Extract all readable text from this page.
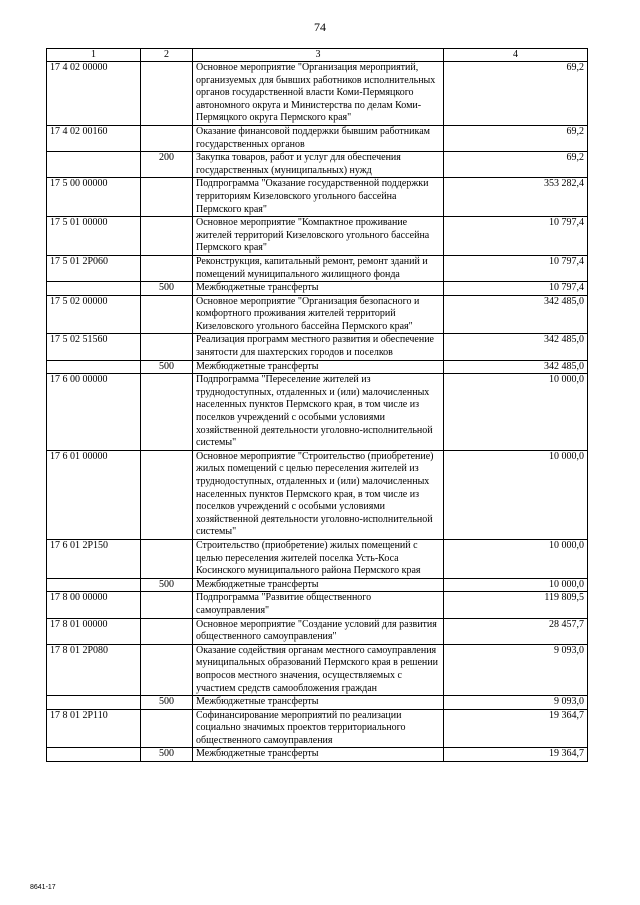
74
1	2	3	4
17 4 02 00000		Основное мероприятие "Организация мероприятий, организуемых для бывших работников исполнительных органов государственной власти Коми-Пермяцкого автономного округа и Министерства по делам Коми-Пермяцкого округа Пермского края"	69,2
17 4 02 00160		Оказание финансовой поддержки бывшим работникам государственных органов	69,2
	200	Закупка товаров, работ и услуг для обеспечения государственных (муниципальных) нужд	69,2
17 5 00 00000		Подпрограмма "Оказание государственной поддержки территориям Кизеловского угольного бассейна Пермского края"	353 282,4
17 5 01 00000		Основное мероприятие "Компактное проживание жителей территорий Кизеловского угольного бассейна Пермского края"	10 797,4
17 5 01 2P060		Реконструкция, капитальный ремонт, ремонт зданий и помещений муниципального жилищного фонда	10 797,4
	500	Межбюджетные трансферты	10 797,4
17 5 02 00000		Основное мероприятие "Организация безопасного и комфортного проживания жителей территорий Кизеловского угольного бассейна Пермского края"	342 485,0
17 5 02 51560		Реализация программ местного развития и обеспечение занятости для шахтерских городов и поселков	342 485,0
	500	Межбюджетные трансферты	342 485,0
17 6 00 00000		Подпрограмма "Переселение жителей из труднодоступных, отдаленных и (или) малочисленных населенных пунктов Пермского края, в том числе из поселков учреждений с особыми условиями хозяйственной деятельности уголовно-исполнительной системы"	10 000,0
17 6 01 00000		Основное мероприятие "Строительство (приобретение) жилых помещений с целью переселения жителей из труднодоступных, отдаленных и (или) малочисленных населенных пунктов Пермского края, в том числе из поселков учреждений с особыми условиями хозяйственной деятельности уголовно-исполнительной системы"	10 000,0
17 6 01 2P150		Строительство (приобретение) жилых помещений с целью переселения жителей поселка Усть-Коса Косинского муниципального района Пермского края	10 000,0
	500	Межбюджетные трансферты	10 000,0
17 8 00 00000		Подпрограмма "Развитие общественного самоуправления"	119 809,5
17 8 01 00000		Основное мероприятие "Создание условий для развития общественного самоуправления"	28 457,7
17 8 01 2P080		Оказание содействия органам местного самоуправления муниципальных образований Пермского края в решении вопросов местного значения, осуществляемых с участием средств самообложения граждан	9 093,0
	500	Межбюджетные трансферты	9 093,0
17 8 01 2P110		Софинансирование мероприятий по реализации социально значимых проектов территориального общественного самоуправления	19 364,7
	500	Межбюджетные трансферты	19 364,7
8641-17
